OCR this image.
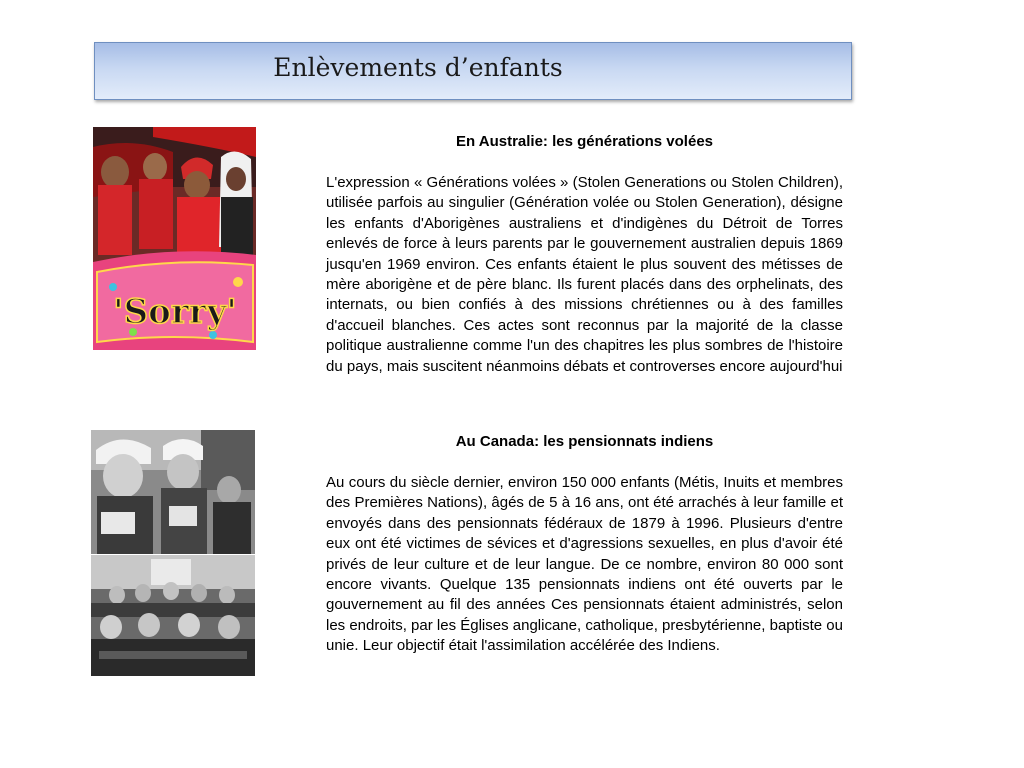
Enlèvements d’enfants
'Sorry'
En Australie: les générations volées
L'expression « Générations volées » (Stolen Generations ou Stolen Children), utilisée parfois au singulier (Génération volée ou Stolen Generation), désigne les enfants d'Aborigènes australiens et d'indigènes du Détroit de Torres enlevés de force à leurs parents par le gouvernement australien depuis 1869 jusqu'en 1969 environ. Ces enfants étaient le plus souvent des métisses de mère aborigène et de père blanc. Ils furent placés dans des orphelinats, des internats, ou bien confiés à des missions chrétiennes ou à des familles d'accueil blanches. Ces actes sont reconnus par la majorité de la classe politique australienne comme l'un des chapitres les plus sombres de l'histoire du pays, mais suscitent néanmoins débats et controverses encore aujourd'hui
Au Canada: les pensionnats indiens
Au cours du siècle dernier, environ 150 000 enfants (Métis, Inuits et membres des Premières Nations), âgés de 5 à 16 ans, ont été arrachés à leur famille et envoyés dans des pensionnats fédéraux de 1879 à 1996. Plusieurs d'entre eux ont été victimes de sévices et d'agressions sexuelles, en plus d'avoir été privés de leur culture et de leur langue. De ce nombre, environ 80 000 sont encore vivants. Quelque 135 pensionnats indiens ont été ouverts par le gouvernement au fil des années Ces pensionnats étaient administrés, selon les endroits, par les Églises anglicane, catholique, presbytérienne, baptiste ou unie. Leur objectif était l'assimilation accélérée des Indiens.
